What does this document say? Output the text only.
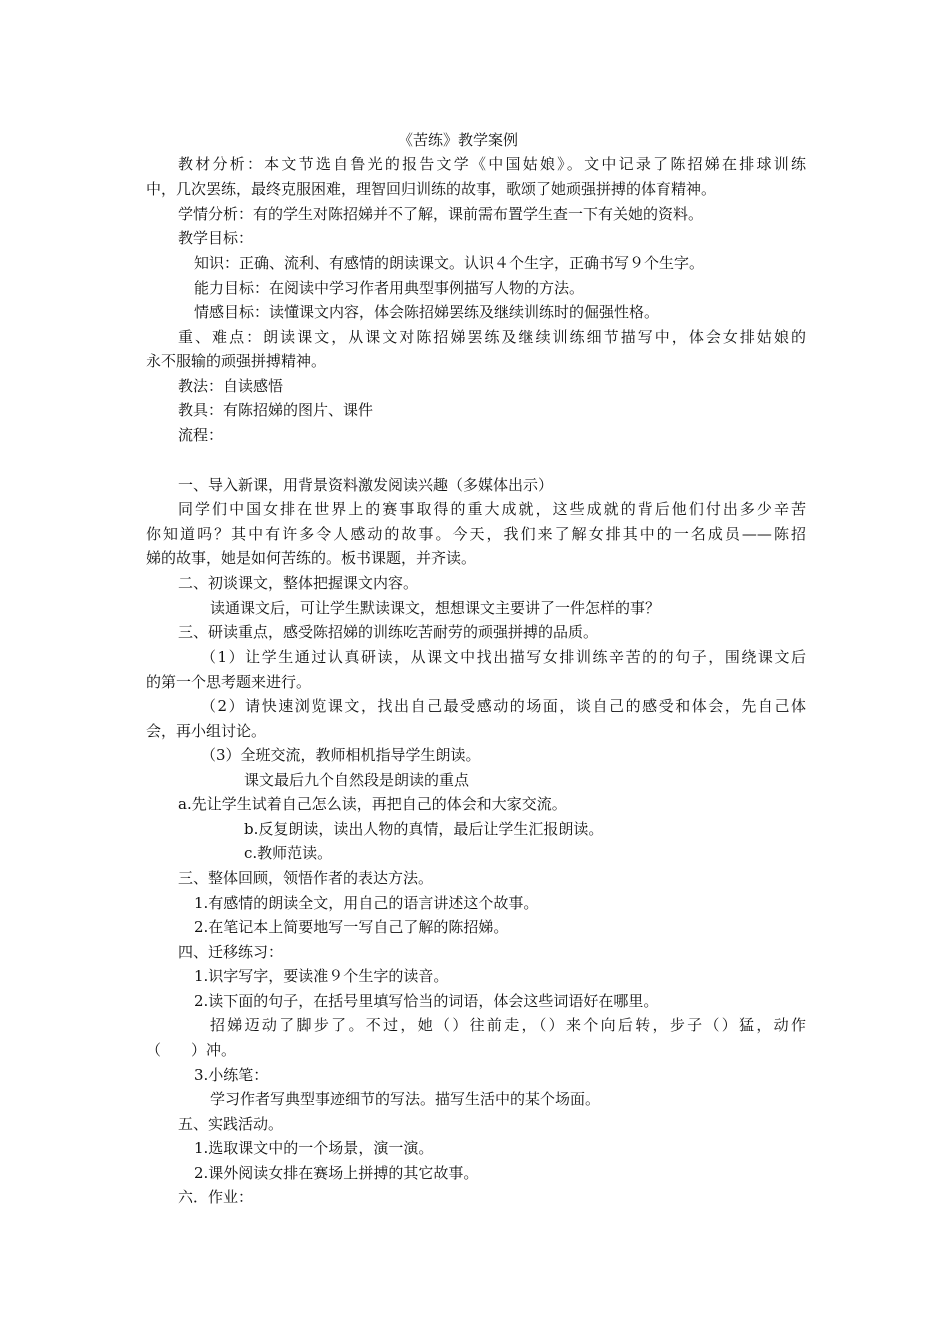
《苦练》教学案例
教材分析：本文节选自鲁光的报告文学《中国姑娘》。文中记录了陈招娣在排球训练
中，几次罢练，最终克服困难，理智回归训练的故事，歌颂了她顽强拼搏的体育精神。
学情分析：有的学生对陈招娣并不了解，课前需布置学生查一下有关她的资料。
教学目标：
知识：正确、流利、有感情的朗读课文。认识４个生字，正确书写９个生字。
能力目标：在阅读中学习作者用典型事例描写人物的方法。
情感目标：读懂课文内容，体会陈招娣罢练及继续训练时的倔强性格。
重、难点：朗读课文，从课文对陈招娣罢练及继续训练细节描写中，体会女排姑娘的
永不服输的顽强拼搏精神。
教法：自读感悟
教具：有陈招娣的图片、课件
流程：
一、导入新课，用背景资料激发阅读兴趣（多媒体出示）
同学们中国女排在世界上的赛事取得的重大成就，这些成就的背后他们付出多少辛苦
你知道吗？其中有许多令人感动的故事。今天，我们来了解女排其中的一名成员——陈招
娣的故事，她是如何苦练的。板书课题，并齐读。
二、初谈课文，整体把握课文内容。
读通课文后，可让学生默读课文，想想课文主要讲了一件怎样的事？
三、研读重点，感受陈招娣的训练吃苦耐劳的顽强拼搏的品质。
（1）让学生通过认真研读，从课文中找出描写女排训练辛苦的的句子，围绕课文后
的第一个思考题来进行。
（2）请快速浏览课文，找出自己最受感动的场面，谈自己的感受和体会，先自己体
会，再小组讨论。
（3）全班交流，教师相机指导学生朗读。
课文最后九个自然段是朗读的重点
a.先让学生试着自己怎么读，再把自己的体会和大家交流。
b.反复朗读，读出人物的真情，最后让学生汇报朗读。
c.教师范读。
三、整体回顾，领悟作者的表达方法。
1.有感情的朗读全文，用自己的语言讲述这个故事。
2.在笔记本上简要地写一写自己了解的陈招娣。
四、迁移练习：
1.识字写字，要读准９个生字的读音。
2.读下面的句子，在括号里填写恰当的词语，体会这些词语好在哪里。
招娣迈动了脚步了。不过，她（）往前走，（）来个向后转，步子（）猛，动作
（　　）冲。
3.小练笔：
学习作者写典型事迹细节的写法。描写生活中的某个场面。
五、实践活动。
1.选取课文中的一个场景，演一演。
2.课外阅读女排在赛场上拼搏的其它故事。
六．作业：
